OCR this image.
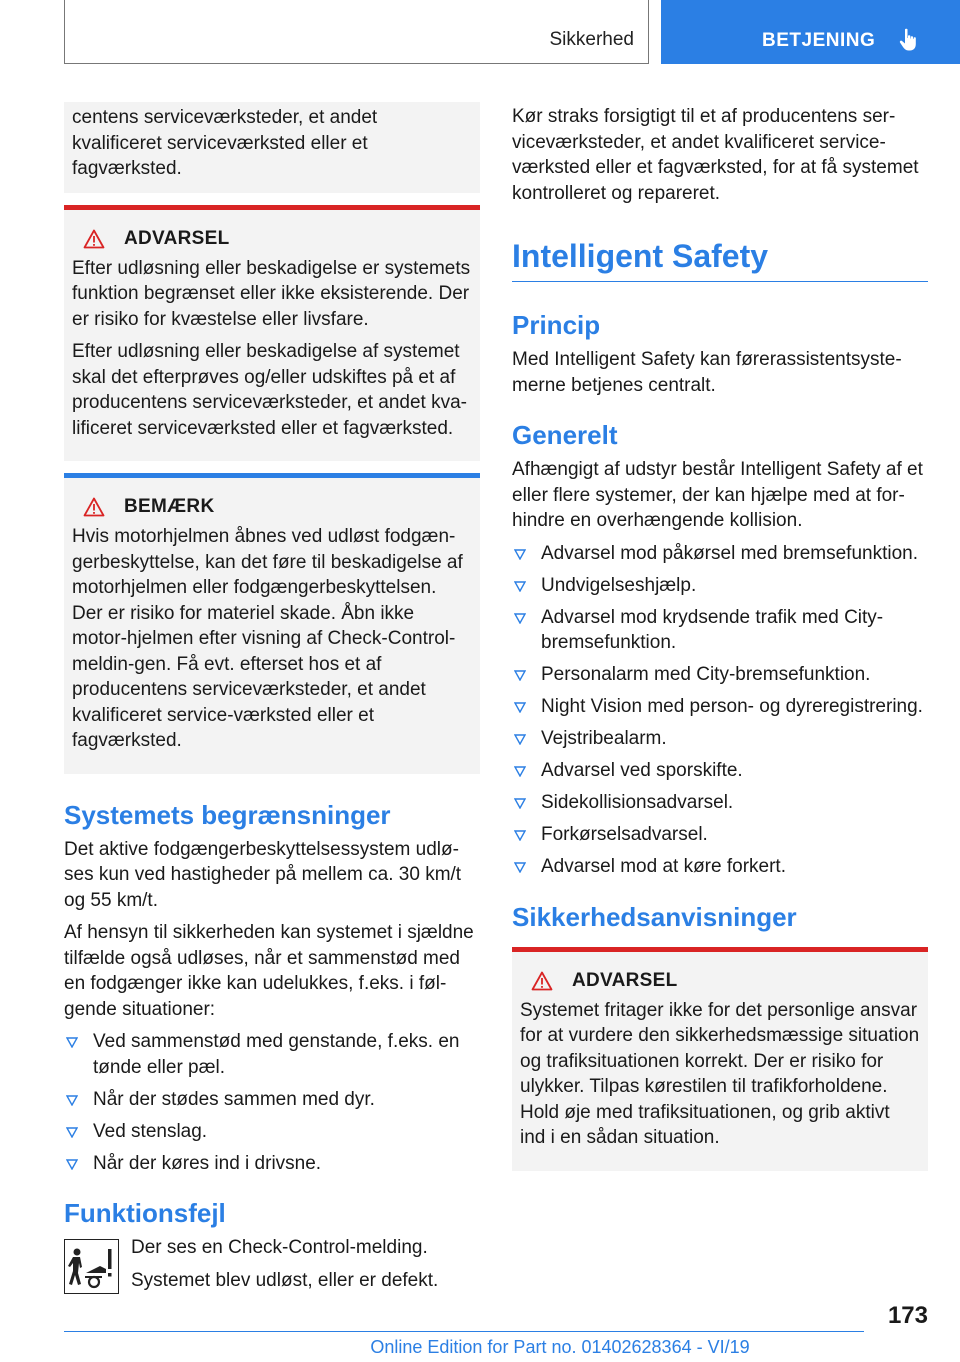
Sikkerhed	BETJENING

centens serviceværksteder, et andet kvalificeret serviceværksted eller et fagværksted.

ADVARSEL

Efter udløsning eller beskadigelse er systemets funktion begrænset eller ikke eksisterende. Der er risiko for kvæstelse eller livsfare.

Efter udløsning eller beskadigelse af systemet skal det efterprøves og/eller udskiftes på et af producentens serviceværksteder, et andet kva-lificeret serviceværksted eller et fagværksted.

BEMÆRK

Hvis motorhjelmen åbnes ved udløst fodgæn-gerbeskyttelse, kan det føre til beskadigelse af motorhjelmen eller fodgængerbeskyttelsen. Der er risiko for materiel skade. Åbn ikke motor-hjelmen efter visning af Check-Control-meldin-gen. Få evt. efterset hos et af producentens serviceværksteder, et andet kvalificeret service-værksted eller et fagværksted.

Systemets begrænsninger

Det aktive fodgængerbeskyttelsessystem udlø-ses kun ved hastigheder på mellem ca. 30 km/t og 55 km/t.

Af hensyn til sikkerheden kan systemet i sjældne tilfælde også udløses, når et sammenstød med en fodgænger ikke kan udelukkes, f.eks. i føl-gende situationer:

Ved sammenstød med genstande, f.eks. en tønde eller pæl.
Når der stødes sammen med dyr.
Ved stenslag.
Når der køres ind i drivsne.
Funktionsfejl

Der ses en Check-Control-melding.

Systemet blev udløst, eller er defekt.

Kør straks forsigtigt til et af producentens ser-viceværksteder, et andet kvalificeret service-værksted eller et fagværksted, for at få systemet kontrolleret og repareret.

Intelligent Safety
Princip

Med Intelligent Safety kan førerassistentsyste-merne betjenes centralt.

Generelt

Afhængigt af udstyr består Intelligent Safety af et eller flere systemer, der kan hjælpe med at for-hindre en overhængende kollision.

Advarsel mod påkørsel med bremsefunktion.
Undvigelseshjælp.
Advarsel mod krydsende trafik med City-bremsefunktion.
Personalarm med City-bremsefunktion.
Night Vision med person- og dyreregistrering.
Vejstribealarm.
Advarsel ved sporskifte.
Sidekollisionsadvarsel.
Forkørselsadvarsel.
Advarsel mod at køre forkert.
Sikkerhedsanvisninger
ADVARSEL

Systemet fritager ikke for det personlige ansvar for at vurdere den sikkerhedsmæssige situation og trafiksituationen korrekt. Der er risiko for ulykker. Tilpas kørestilen til trafikforholdene. Hold øje med trafiksituationen, og grib aktivt ind i en sådan situation.

173
Online Edition for Part no. 01402628364 - VI/19
